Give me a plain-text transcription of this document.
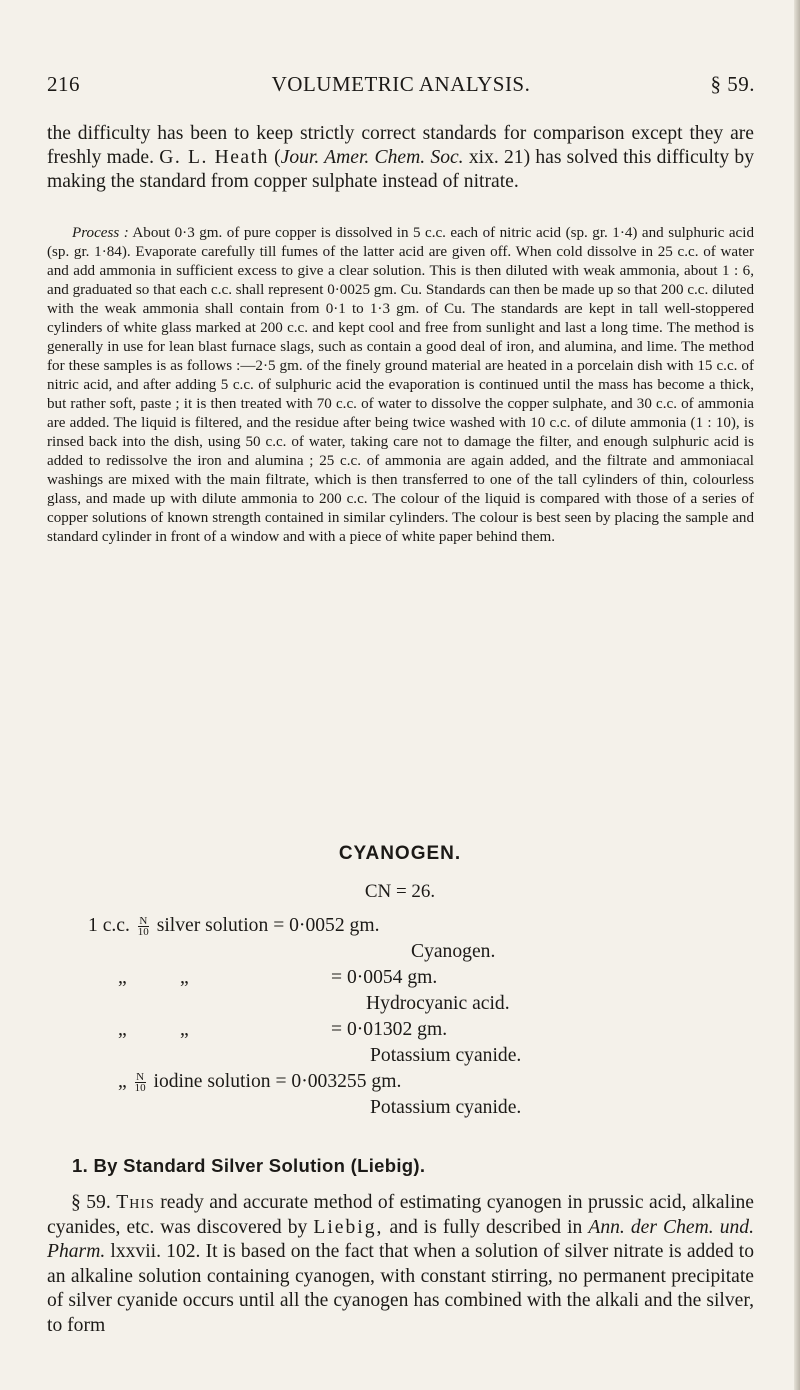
216	VOLUMETRIC ANALYSIS.	§ 59.

the difficulty has been to keep strictly correct standards for comparison except they are freshly made. G. L. Heath (Jour. Amer. Chem. Soc. xix. 21) has solved this difficulty by making the standard from copper sulphate instead of nitrate.

Process : About 0·3 gm. of pure copper is dissolved in 5 c.c. each of nitric acid (sp. gr. 1·4) and sulphuric acid (sp. gr. 1·84). Evaporate carefully till fumes of the latter acid are given off. When cold dissolve in 25 c.c. of water and add ammonia in sufficient excess to give a clear solution. This is then diluted with weak ammonia, about 1 : 6, and graduated so that each c.c. shall represent 0·0025 gm. Cu. Standards can then be made up so that 200 c.c. diluted with the weak ammonia shall contain from 0·1 to 1·3 gm. of Cu. The standards are kept in tall well-stoppered cylinders of white glass marked at 200 c.c. and kept cool and free from sunlight and last a long time. The method is generally in use for lean blast furnace slags, such as contain a good deal of iron, and alumina, and lime. The method for these samples is as follows :—2·5 gm. of the finely ground material are heated in a porcelain dish with 15 c.c. of nitric acid, and after adding 5 c.c. of sulphuric acid the evaporation is continued until the mass has become a thick, but rather soft, paste ; it is then treated with 70 c.c. of water to dissolve the copper sulphate, and 30 c.c. of ammonia are added. The liquid is filtered, and the residue after being twice washed with 10 c.c. of dilute ammonia (1 : 10), is rinsed back into the dish, using 50 c.c. of water, taking care not to damage the filter, and enough sulphuric acid is added to redissolve the iron and alumina ; 25 c.c. of ammonia are again added, and the filtrate and ammoniacal washings are mixed with the main filtrate, which is then transferred to one of the tall cylinders of thin, colourless glass, and made up with dilute ammonia to 200 c.c. The colour of the liquid is compared with those of a series of copper solutions of known strength contained in similar cylinders. The colour is best seen by placing the sample and standard cylinder in front of a window and with a piece of white paper behind them.

CYANOGEN.
CN = 26.
1 c.c. $\frac{N}{10}$ silver solution = 0·0052 gm.
Cyanogen.
„	„	= 0·0054 gm.
Hydrocyanic acid.
„	„	= 0·01302 gm.
Potassium cyanide.
„ $\frac{N}{10}$ iodine solution = 0·003255 gm.
Potassium cyanide.
1. By Standard Silver Solution (Liebig).

§ 59. This ready and accurate method of estimating cyanogen in prussic acid, alkaline cyanides, etc. was discovered by Liebig, and is fully described in Ann. der Chem. und. Pharm. lxxvii. 102. It is based on the fact that when a solution of silver nitrate is added to an alkaline solution containing cyanogen, with constant stirring, no permanent precipitate of silver cyanide occurs until all the cyanogen has combined with the alkali and the silver, to form
